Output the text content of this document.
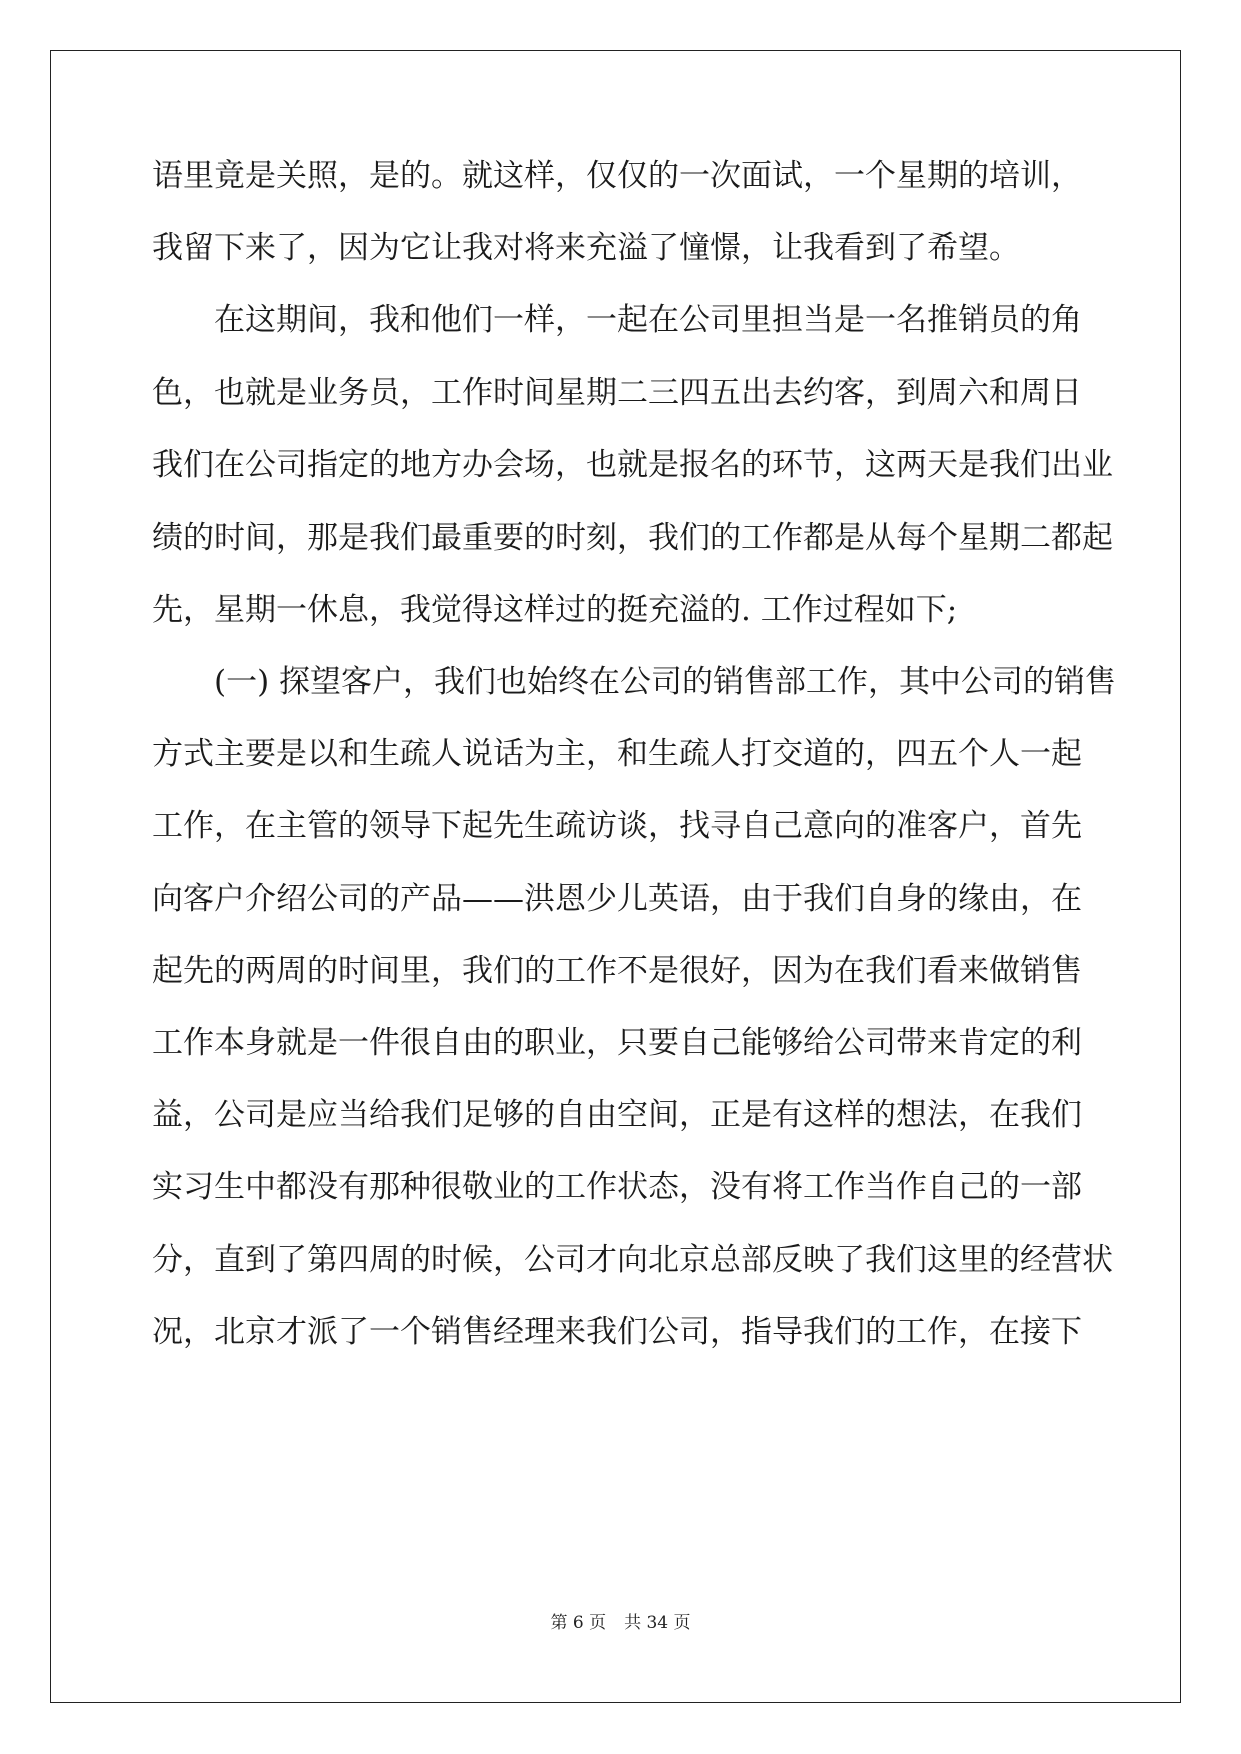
语里竟是关照，是的。就这样，仅仅的一次面试，一个星期的培训，
我留下来了，因为它让我对将来充溢了憧憬，让我看到了希望。
　　在这期间，我和他们一样，一起在公司里担当是一名推销员的角
色，也就是业务员，工作时间星期二三四五出去约客，到周六和周日
我们在公司指定的地方办会场，也就是报名的环节，这两天是我们出业
绩的时间，那是我们最重要的时刻，我们的工作都是从每个星期二都起
先，星期一休息，我觉得这样过的挺充溢的. 工作过程如下;
　　(一) 探望客户，我们也始终在公司的销售部工作，其中公司的销售
方式主要是以和生疏人说话为主，和生疏人打交道的，四五个人一起
工作，在主管的领导下起先生疏访谈，找寻自己意向的准客户，首先
向客户介绍公司的产品——洪恩少儿英语，由于我们自身的缘由，在
起先的两周的时间里，我们的工作不是很好，因为在我们看来做销售
工作本身就是一件很自由的职业，只要自己能够给公司带来肯定的利
益，公司是应当给我们足够的自由空间，正是有这样的想法，在我们
实习生中都没有那种很敬业的工作状态，没有将工作当作自己的一部
分，直到了第四周的时候，公司才向北京总部反映了我们这里的经营状
况，北京才派了一个销售经理来我们公司，指导我们的工作，在接下
第 6 页 共 34 页
